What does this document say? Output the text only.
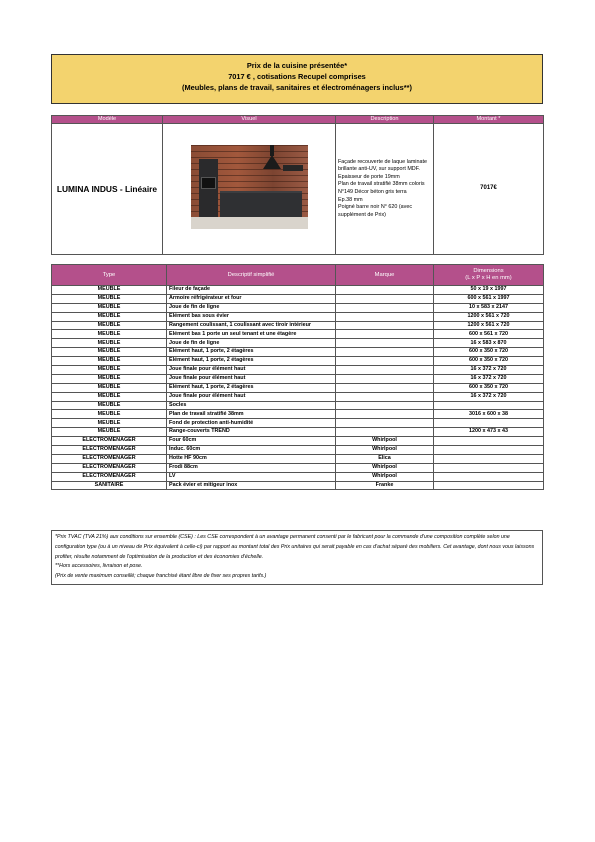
Prix de la cuisine présentée*
7017 € , cotisations Recupel comprises
(Meubles, plans de travail, sanitaires et électroménagers inclus**)
Modèle	Visuel	Description	Montant *
LUMINA INDUS - Linéaire		Façade recouverte de laque laminate brillante anti-UV, sur support MDF.
Epaisseur de porte 19mm
Plan de travail stratifié 38mm coloris N°149 Décor béton gris terra
Ep.38 mm
Poigné barre noir N° 620 (avec supplément de Prix)	7017€
Type	Descriptif simplifié	Marque	Dimensions
(L x P x H en mm)

MEUBLE	Fileur de façade		50 x 19 x 1997
MEUBLE	Armoire réfrigérateur et four		600 x 561 x 1997
MEUBLE	Joue de fin de ligne		10 x 583 x 2147
MEUBLE	Elément bas sous évier		1200 x 561 x 720
MEUBLE	Rangement coulissant, 1 coulissant avec tiroir intérieur		1200 x 561 x 720
MEUBLE	Elément bas 1 porte un seul tenant et une étagère		600 x 561 x 720
MEUBLE	Joue de fin de ligne		16 x 583 x 870
MEUBLE	Elément haut, 1 porte, 2 étagères		600 x 350 x 720
MEUBLE	Elément haut, 1 porte, 2 étagères		600 x 350 x 720
MEUBLE	Joue finale pour élément haut		16 x 372 x 720
MEUBLE	Joue finale pour élément haut		16 x 372 x 720
MEUBLE	Elément haut, 1 porte, 2 étagères		600 x 350 x 720
MEUBLE	Joue finale pour élément haut		16 x 372 x 720
MEUBLE	Socles		
MEUBLE	Plan de travail stratifié 38mm		3016 x 600 x 38
MEUBLE	Fond de protection anti-humidité		
MEUBLE	Range-couverts TREND		1200 x 473 x 43
ELECTROMENAGER	Four 60cm	Whirlpool	
ELECTROMENAGER	Induc. 60cm	Whirlpool	
ELECTROMENAGER	Hotte HF 90cm	Elica	
ELECTROMENAGER	Frodi 88cm	Whirlpool	
ELECTROMENAGER	LV	Whirlpool	
SANITAIRE	Pack évier et mitigeur inox	Franke	
*Prix TVAC (TVA 21%) aux conditions sur ensemble (CSE) : Les CSE correspondent à un avantage permanent consenti par le fabricant pour la commande d'une composition complète selon une configuration type (ou à un niveau de Prix équivalent à celle-ci) par rapport au montant total des Prix unitaires qui serait payable en cas d'achat séparé des mobiliers. Cet avantage, dont nous vous laissons profiter, résulte notamment de l'optimisation de la production et des économies d'échelle.
**Hors accessoires, livraison et pose.
(Prix de vente maximum conseillé; chaque franchisé étant libre de fixer ses propres tarifs.)
